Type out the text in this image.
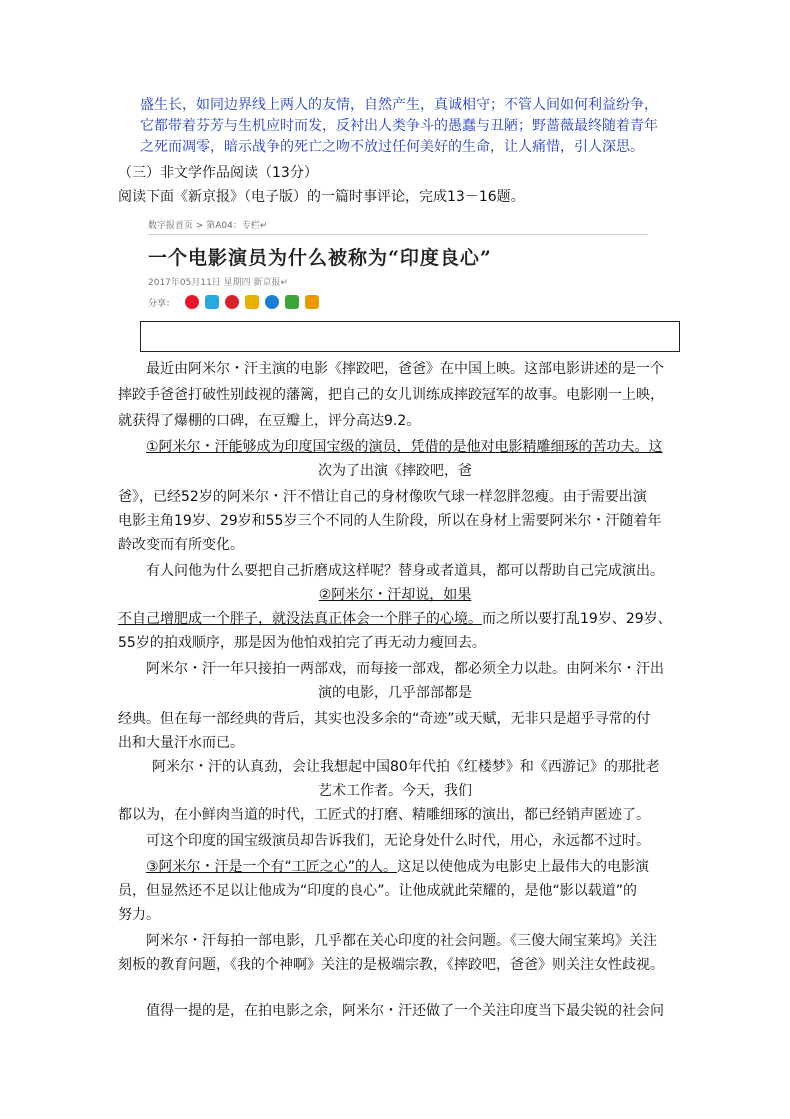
盛生长，如同边界线上两人的友情，自然产生，真诚相守；不管人间如何利益纷争，

它都带着芬芳与生机应时而发，反衬出人类争斗的愚蠢与丑陋；野蔷薇最终随着青年

之死而凋零，暗示战争的死亡之吻不放过任何美好的生命，让人痛惜，引人深思。

（三）非文学作品阅读（13分）
阅读下面《新京报》（电子版）的一篇时事评论，完成13－16题。
数字报首页 > 第A04：专栏↵
一个电影演员为什么被称为“印度良心”
2017年05月11日 星期四 新京报↵
分享：
最近由阿米尔・汗主演的电影《摔跤吧，爸爸》在中国上映。这部电影讲述的是一个
摔跤手爸爸打破性别歧视的藩篱，把自己的女儿训练成摔跤冠军的故事。电影刚一上映，
就获得了爆棚的口碑，在豆瓣上，评分高达9.2。
①阿米尔・汗能够成为印度国宝级的演员，凭借的是他对电影精雕细琢的苦功夫。这
次为了出演《摔跤吧，爸
爸》，已经52岁的阿米尔・汗不惜让自己的身材像吹气球一样忽胖忽瘦。由于需要出演
电影主角19岁、29岁和55岁三个不同的人生阶段，所以在身材上需要阿米尔・汗随着年
龄改变而有所变化。
有人问他为什么要把自己折磨成这样呢？替身或者道具，都可以帮助自己完成演出。
②阿米尔・汗却说，如果
不自己增肥成一个胖子，就没法真正体会一个胖子的心境。而之所以要打乱19岁、29岁、
55岁的拍戏顺序，那是因为他怕戏拍完了再无动力瘦回去。
阿米尔・汗一年只接拍一两部戏，而每接一部戏，都必须全力以赴。由阿米尔・汗出
演的电影，几乎部部都是
经典。但在每一部经典的背后，其实也没多余的“奇迹”或天赋，无非只是超乎寻常的付
出和大量汗水而已。
阿米尔・汗的认真劲，会让我想起中国80年代拍《红楼梦》和《西游记》的那批老
艺术工作者。今天，我们
都以为，在小鲜肉当道的时代，工匠式的打磨、精雕细琢的演出，都已经销声匿迹了。
可这个印度的国宝级演员却告诉我们，无论身处什么时代，用心，永远都不过时。
③阿米尔・汗是一个有“工匠之心”的人。这足以使他成为电影史上最伟大的电影演
员，但显然还不足以让他成为“印度的良心”。让他成就此荣耀的，是他“影以载道”的
努力。
阿米尔・汗每拍一部电影，几乎都在关心印度的社会问题。《三傻大闹宝莱坞》关注
刻板的教育问题，《我的个神啊》关注的是极端宗教，《摔跤吧，爸爸》则关注女性歧视。
值得一提的是，在拍电影之余，阿米尔・汗还做了一个关注印度当下最尖锐的社会问
